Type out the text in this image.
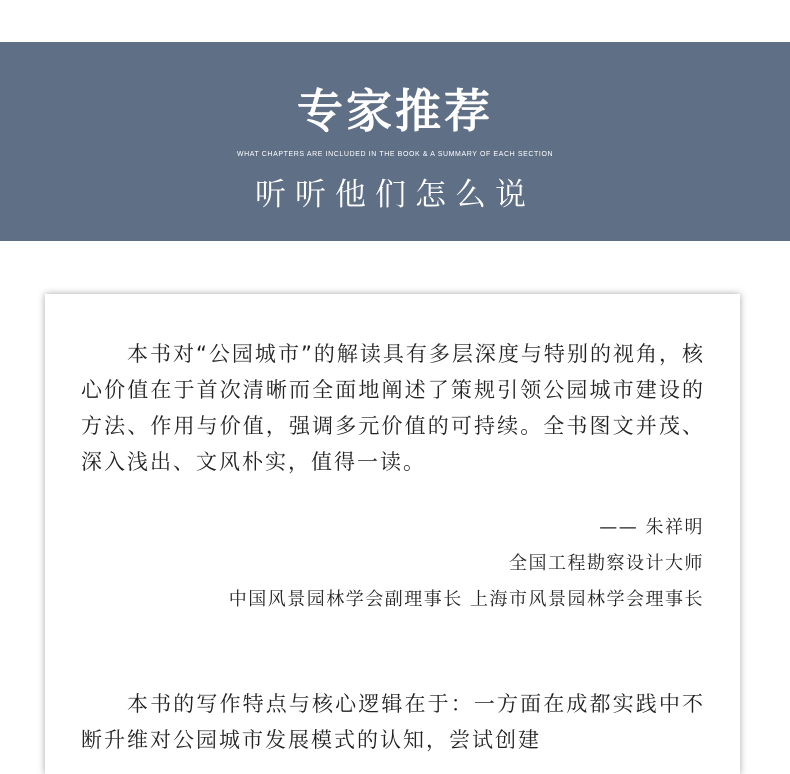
专家推荐
WHAT CHAPTERS ARE INCLUDED IN THE BOOK & A SUMMARY OF EACH SECTION
听听他们怎么说

本书对“公园城市”的解读具有多层深度与特别的视角，核心价值在于首次清晰而全面地阐述了策规引领公园城市建设的方法、作用与价值，强调多元价值的可持续。全书图文并茂、深入浅出、文风朴实，值得一读。

—— 朱祥明
全国工程勘察设计大师
中国风景园林学会副理事长 上海市风景园林学会理事长

本书的写作特点与核心逻辑在于：一方面在成都实践中不断升维对公园城市发展模式的认知，尝试创建
